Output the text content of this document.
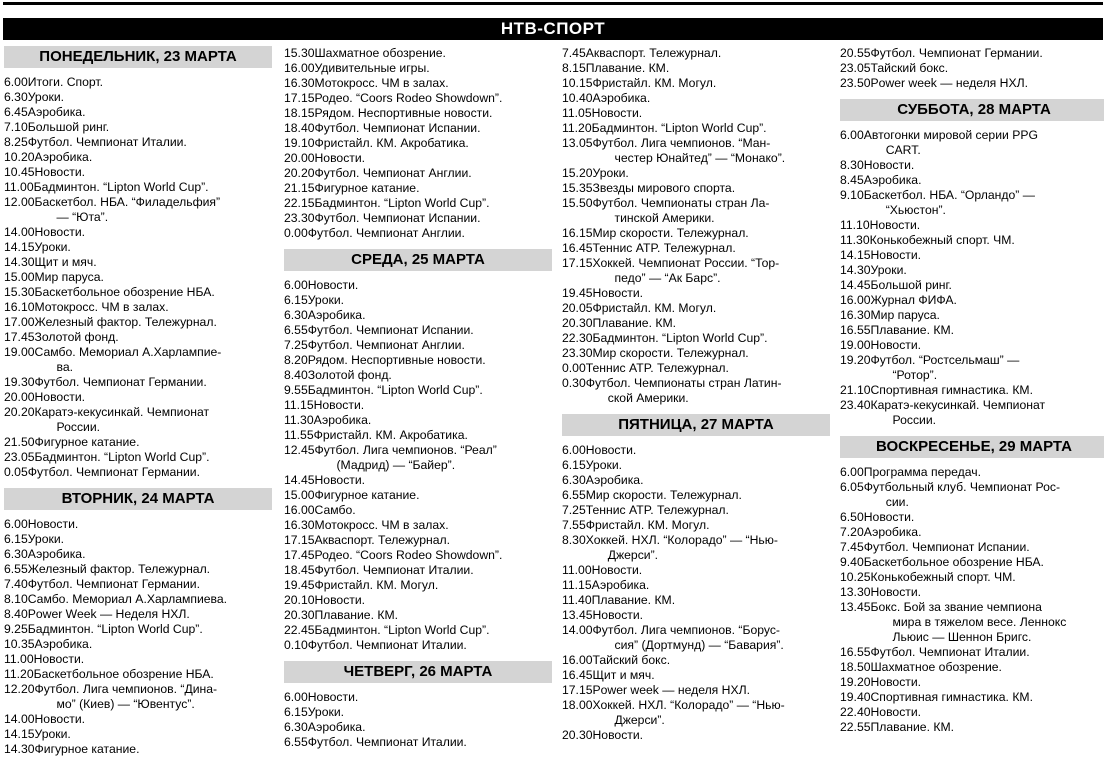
НТВ-СПОРТ
ПОНЕДЕЛЬНИК, 23 МАРТА
6.00 Итоги. Спорт.
6.30 Уроки.
6.45 Аэробика.
7.10 Большой ринг.
8.25 Футбол. Чемпионат Италии.
10.20 Аэробика.
10.45 Новости.
11.00 Бадминтон. “Lipton World Cup”.
12.00 Баскетбол. НБА. “Филадельфия”
— “Юта”.
14.00 Новости.
14.15 Уроки.
14.30 Щит и мяч.
15.00 Мир паруса.
15.30 Баскетбольное обозрение НБА.
16.10 Мотокросс. ЧМ в залах.
17.00 Железный фактор. Тележурнал.
17.45 Золотой фонд.
19.00 Самбо. Мемориал А.Харлампие-
ва.
19.30 Футбол. Чемпионат Германии.
20.00 Новости.
20.20 Каратэ-кекусинкай. Чемпионат
России.
21.50 Фигурное катание.
23.05 Бадминтон. “Lipton World Cup”.
0.05 Футбол. Чемпионат Германии.
ВТОРНИК, 24 МАРТА
6.00 Новости.
6.15 Уроки.
6.30 Аэробика.
6.55 Железный фактор. Тележурнал.
7.40 Футбол. Чемпионат Германии.
8.10 Самбо. Мемориал А.Харлампиева.
8.40 Power Week — Неделя НХЛ.
9.25 Бадминтон. “Lipton World Cup”.
10.35 Аэробика.
11.00 Новости.
11.20 Баскетбольное обозрение НБА.
12.20 Футбол. Лига чемпионов. “Дина-
мо” (Киев) — “Ювентус”.
14.00 Новости.
14.15 Уроки.
14.30 Фигурное катание.
15.30 Шахматное обозрение.
16.00 Удивительные игры.
16.30 Мотокросс. ЧМ в залах.
17.15 Родео. “Coors Rodeo Showdown”.
18.15 Рядом. Неспортивные новости.
18.40 Футбол. Чемпионат Испании.
19.10 Фристайл. КМ. Акробатика.
20.00 Новости.
20.20 Футбол. Чемпионат Англии.
21.15 Фигурное катание.
22.15 Бадминтон. “Lipton World Cup”.
23.30 Футбол. Чемпионат Испании.
0.00 Футбол. Чемпионат Англии.
СРЕДА, 25 МАРТА
6.00 Новости.
6.15 Уроки.
6.30 Аэробика.
6.55 Футбол. Чемпионат Испании.
7.25 Футбол. Чемпионат Англии.
8.20 Рядом. Неспортивные новости.
8.40 Золотой фонд.
9.55 Бадминтон. “Lipton World Cup”.
11.15 Новости.
11.30 Аэробика.
11.55 Фристайл. КМ. Акробатика.
12.45 Футбол. Лига чемпионов. “Реал”
(Мадрид) — “Байер”.
14.45 Новости.
15.00 Фигурное катание.
16.00 Самбо.
16.30 Мотокросс. ЧМ в залах.
17.15 Акваспорт. Тележурнал.
17.45 Родео. “Coors Rodeo Showdown”.
18.45 Футбол. Чемпионат Италии.
19.45 Фристайл. КМ. Могул.
20.10 Новости.
20.30 Плавание. КМ.
22.45 Бадминтон. “Lipton World Cup”.
0.10 Футбол. Чемпионат Италии.
ЧЕТВЕРГ, 26 МАРТА
6.00 Новости.
6.15 Уроки.
6.30 Аэробика.
6.55 Футбол. Чемпионат Италии.
7.45 Акваспорт. Тележурнал.
8.15 Плавание. КМ.
10.15 Фристайл. КМ. Могул.
10.40 Аэробика.
11.05 Новости.
11.20 Бадминтон. “Lipton World Cup”.
13.05 Футбол. Лига чемпионов. “Ман-
честер Юнайтед” — “Монако”.
15.20 Уроки.
15.35 Звезды мирового спорта.
15.50 Футбол. Чемпионаты стран Ла-
тинской Америки.
16.15 Мир скорости. Тележурнал.
16.45 Теннис ATP. Тележурнал.
17.15 Хоккей. Чемпионат России. “Тор-
педо” — “Ак Барс”.
19.45 Новости.
20.05 Фристайл. КМ. Могул.
20.30 Плавание. КМ.
22.30 Бадминтон. “Lipton World Cup”.
23.30 Мир скорости. Тележурнал.
0.00 Теннис ATP. Тележурнал.
0.30 Футбол. Чемпионаты стран Латин-
ской Америки.
ПЯТНИЦА, 27 МАРТА
6.00 Новости.
6.15 Уроки.
6.30 Аэробика.
6.55 Мир скорости. Тележурнал.
7.25 Теннис ATP. Тележурнал.
7.55 Фристайл. КМ. Могул.
8.30 Хоккей. НХЛ. “Колорадо” — “Нью-
Джерси”.
11.00 Новости.
11.15 Аэробика.
11.40 Плавание. КМ.
13.45 Новости.
14.00 Футбол. Лига чемпионов. “Борус-
сия” (Дортмунд) — “Бавария”.
16.00 Тайский бокс.
16.45 Щит и мяч.
17.15 Power week — неделя НХЛ.
18.00 Хоккей. НХЛ. “Колорадо” — “Нью-
Джерси”.
20.30 Новости.
20.55 Футбол. Чемпионат Германии.
23.05 Тайский бокс.
23.50 Power week — неделя НХЛ.
СУББОТА, 28 МАРТА
6.00 Автогонки мировой серии PPG
CART.
8.30 Новости.
8.45 Аэробика.
9.10 Баскетбол. НБА. “Орландо” —
“Хьюстон”.
11.10 Новости.
11.30 Конькобежный спорт. ЧМ.
14.15 Новости.
14.30 Уроки.
14.45 Большой ринг.
16.00 Журнал ФИФА.
16.30 Мир паруса.
16.55 Плавание. КМ.
19.00 Новости.
19.20 Футбол. “Ростсельмаш” —
“Ротор”.
21.10 Спортивная гимнастика. КМ.
23.40 Каратэ-кекусинкай. Чемпионат
России.
ВОСКРЕСЕНЬЕ, 29 МАРТА
6.00 Программа передач.
6.05 Футбольный клуб. Чемпионат Рос-
сии.
6.50 Новости.
7.20 Аэробика.
7.45 Футбол. Чемпионат Испании.
9.40 Баскетбольное обозрение НБА.
10.25 Конькобежный спорт. ЧМ.
13.30 Новости.
13.45 Бокс. Бой за звание чемпиона
мира в тяжелом весе. Леннокс
Льюис — Шеннон Бригс.
16.55 Футбол. Чемпионат Италии.
18.50 Шахматное обозрение.
19.20 Новости.
19.40 Спортивная гимнастика. КМ.
22.40 Новости.
22.55 Плавание. КМ.
